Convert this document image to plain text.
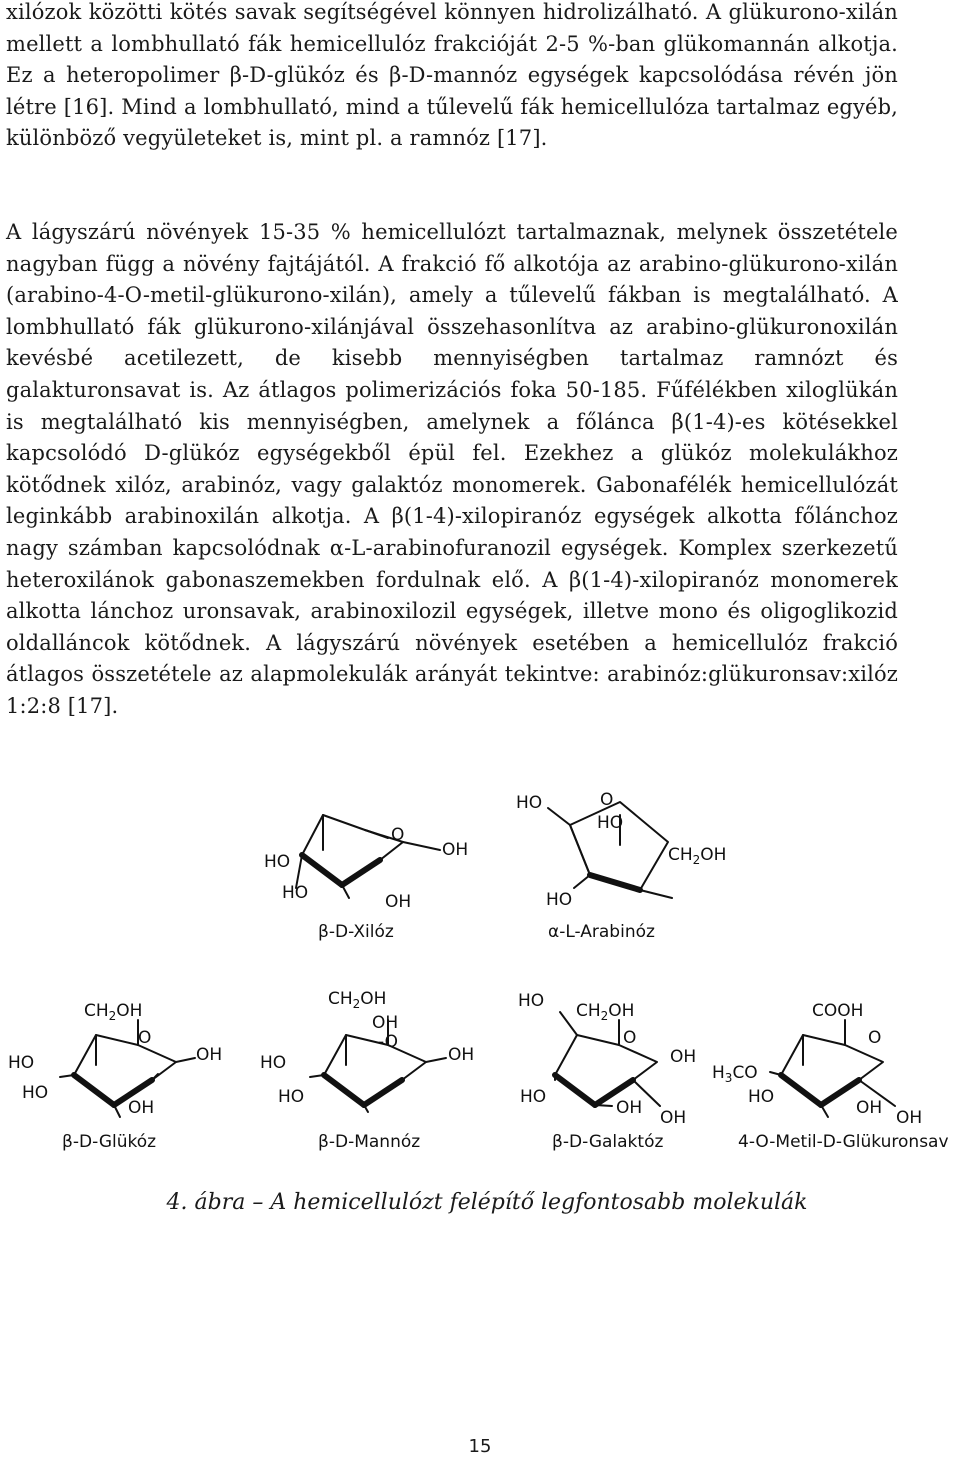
xilózok közötti kötés savak segítségével könnyen hidrolizálható. A glükurono-xilán mellett a lombhullató fák hemicellulóz frakcióját 2-5 %-ban glükomannán alkotja. Ez a heteropolimer β-D-glükóz és β-D-mannóz egységek kapcsolódása révén jön létre [16]. Mind a lombhullató, mind a tűlevelű fák hemicellulóza tartalmaz egyéb, különböző vegyületeket is, mint pl. a ramnóz [17].

A lágyszárú növények 15-35 % hemicellulózt tartalmaznak, melynek összetétele nagyban függ a növény fajtájától. A frakció fő alkotója az arabino-glükurono-xilán (arabino-4-O-metil-glükurono-xilán), amely a tűlevelű fákban is megtalálható. A lombhullató fák glükurono-xilánjával összehasonlítva az arabino-glükuronoxilán kevésbé acetilezett, de kisebb mennyiségben tartalmaz ramnózt és galakturonsavat is. Az átlagos polimerizációs foka 50-185. Fűfélékben xiloglükán is megtalálható kis mennyiségben, amelynek a főlánca β(1-4)-es kötésekkel kapcsolódó D-glükóz egységekből épül fel. Ezekhez a glükóz molekulákhoz kötődnek xilóz, arabinóz, vagy galaktóz monomerek. Gabonafélék hemicellulózát leginkább arabinoxilán alkotja. A β(1-4)-xilopiranóz egységek alkotta főlánchoz nagy számban kapcsolódnak α-L-arabinofuranozil egységek. Komplex szerkezetű heteroxilánok gabonaszemekben fordulnak elő. A β(1-4)-xilopiranóz monomerek alkotta lánchoz uronsavak, arabinoxilozil egységek, illetve mono és oligoglikozid oldalláncok kötődnek. A lágyszárú növények esetében a hemicellulóz frakció átlagos összetétele az alapmolekulák arányát tekintve: arabinóz:glükuronsav:xilóz 1:2:8 [17].

O
OH
HO
HO	OH
β-D-Xilóz
HO	O
HO
$CH_2OH$
HO
α-L-Arabinóz
$CH_2OH$
O
OH
HO
HO
OH
β-D-Glükóz
$CH_2OH$
OH
-O
OH
HO
HO
β-D-Mannóz
HO $CH_2OH$
O
OH
HO
OH OH
β-D-Galaktóz
COOH
O
$H_3CO$
HO
OH OH
4-O-Metil-D-Glükuronsav
4. ábra – A hemicellulózt felépítő legfontosabb molekulák
15
